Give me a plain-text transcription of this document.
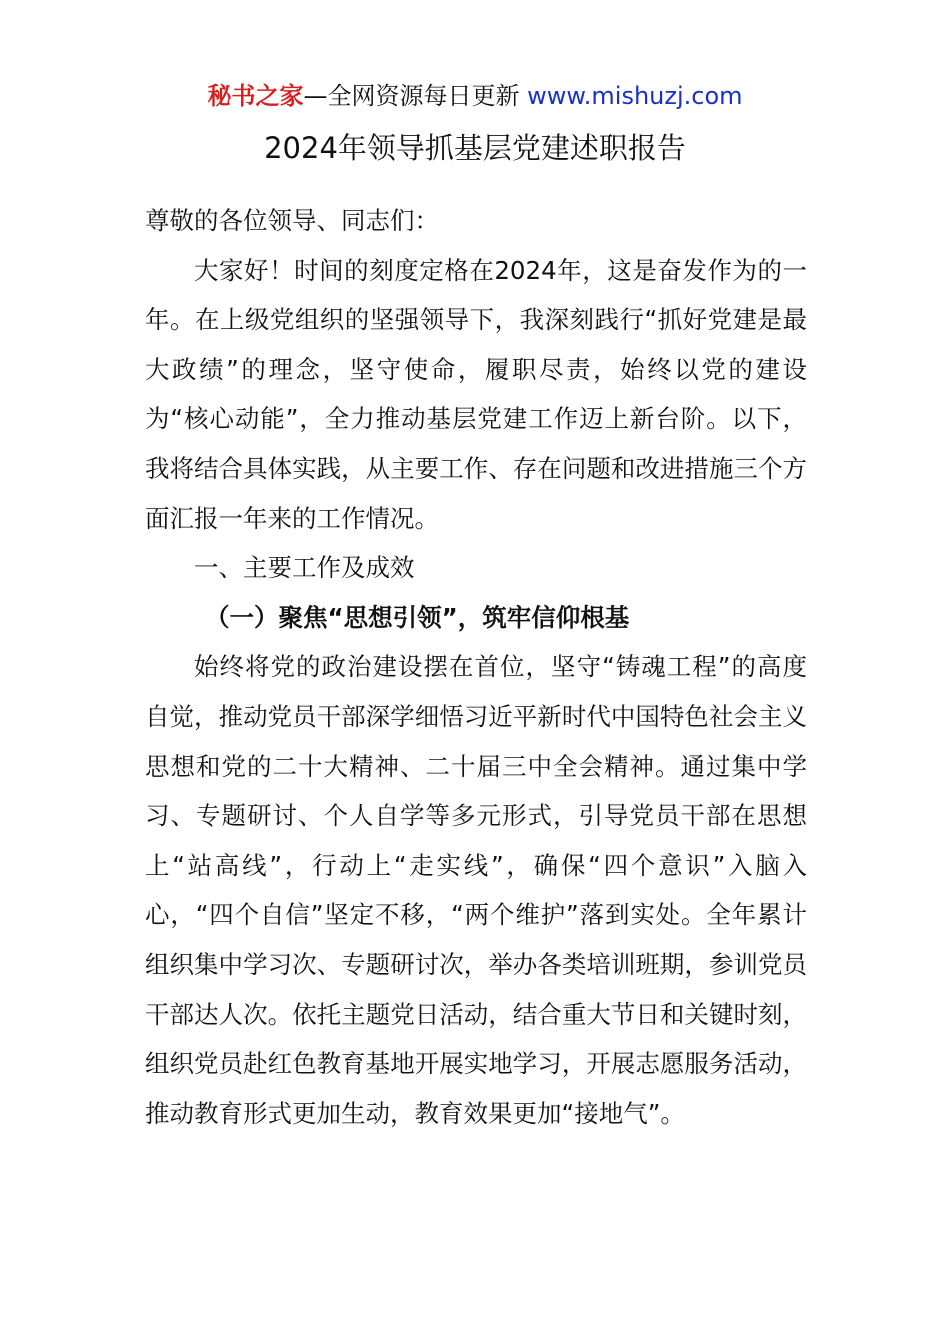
秘书之家—全网资源每日更新 www.mishuzj.com
2024年领导抓基层党建述职报告

尊敬的各位领导、同志们：

大家好！时间的刻度定格在2024年，这是奋发作为的一年。在上级党组织的坚强领导下，我深刻践行“抓好党建是最大政绩”的理念，坚守使命，履职尽责，始终以党的建设为“核心动能”，全力推动基层党建工作迈上新台阶。以下，我将结合具体实践，从主要工作、存在问题和改进措施三个方面汇报一年来的工作情况。

一、主要工作及成效

（一）聚焦“思想引领”，筑牢信仰根基

始终将党的政治建设摆在首位，坚守“铸魂工程”的高度自觉，推动党员干部深学细悟习近平新时代中国特色社会主义思想和党的二十大精神、二十届三中全会精神。通过集中学习、专题研讨、个人自学等多元形式，引导党员干部在思想上“站高线”，行动上“走实线”，确保“四个意识”入脑入心，“四个自信”坚定不移，“两个维护”落到实处。全年累计组织集中学习次、专题研讨次，举办各类培训班期，参训党员干部达人次。依托主题党日活动，结合重大节日和关键时刻，组织党员赴红色教育基地开展实地学习，开展志愿服务活动，推动教育形式更加生动，教育效果更加“接地气”。
